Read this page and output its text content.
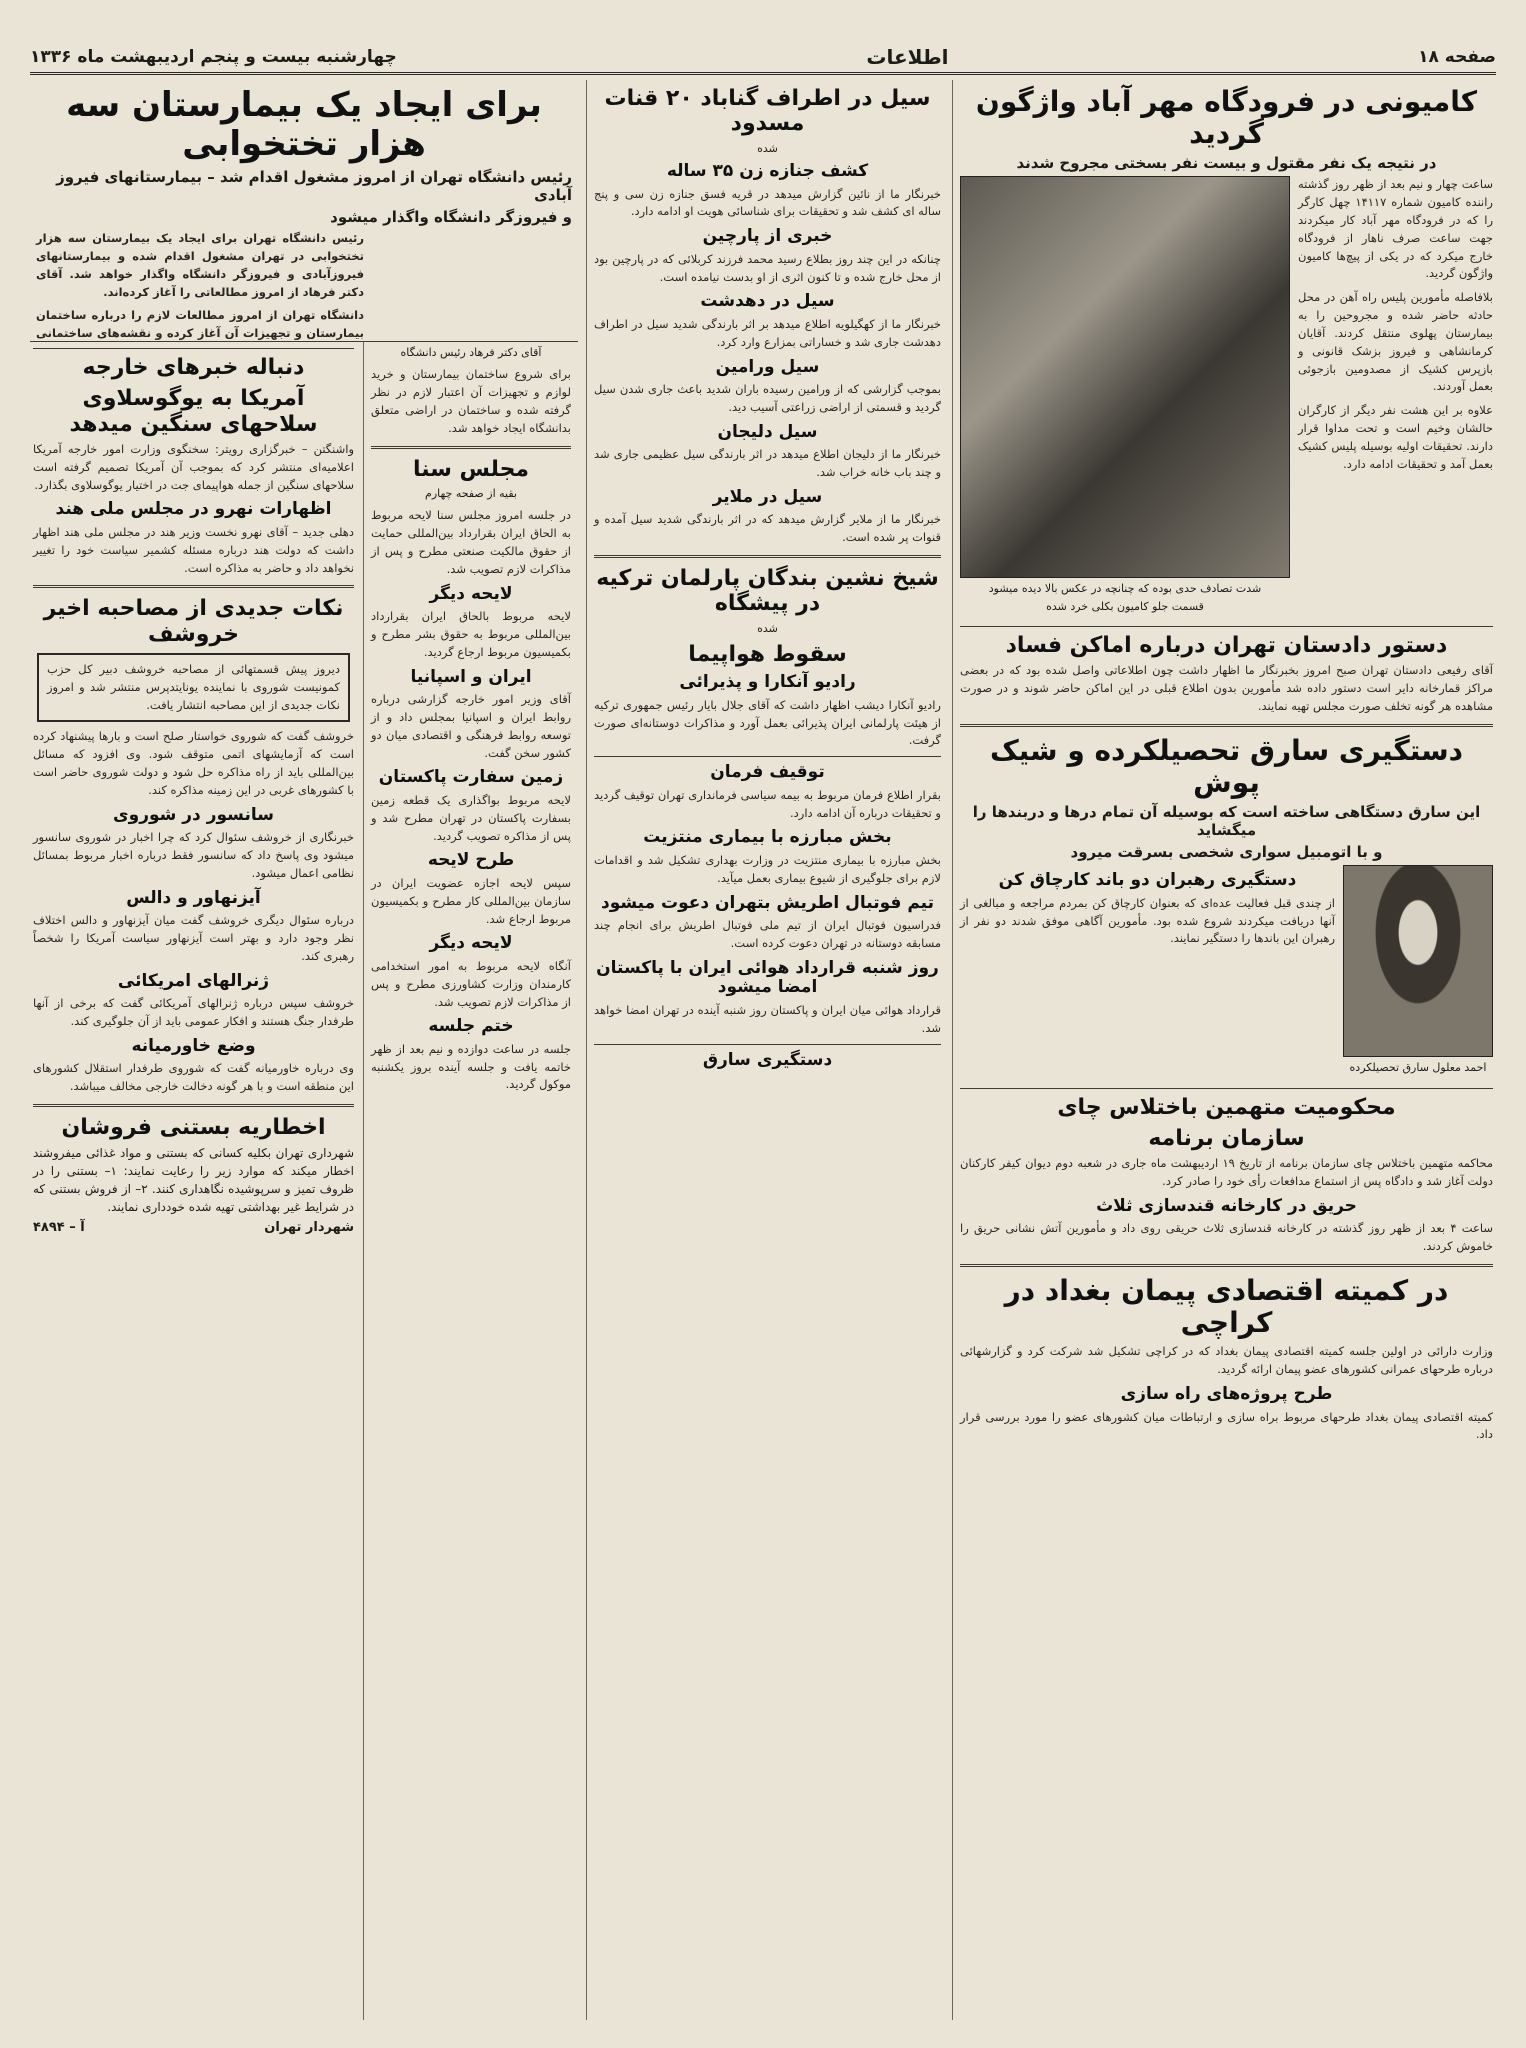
صفحه ۱۸
اطلاعات
چهارشنبه بیست و پنجم اردیبهشت ماه ۱۳۳۶
کامیونی در فرودگاه مهر آباد واژگون گردید
در نتیجه یک نفر مقتول و بیست نفر بسختی مجروح شدند

ساعت چهار و نیم بعد از ظهر روز گذشته راننده کامیون شماره ۱۴۱۱۷ چهل کارگر را که در فرودگاه مهر آباد کار میکردند جهت ساعت صرف ناهار از فرودگاه خارج میکرد که در یکی از پیچ‌ها کامیون واژگون گردید.

بلافاصله مأمورین پلیس راه آهن در محل حادثه حاضر شده و مجروحین را به بیمارستان پهلوی منتقل کردند. آقایان کرمانشاهی و فیروز بزشک قانونی و بازپرس کشیک از مصدومین بازجوئی بعمل آوردند.

علاوه بر این هشت نفر دیگر از کارگران حالشان وخیم است و تحت مداوا قرار دارند. تحقیقات اولیه بوسیله پلیس کشیک بعمل آمد و تحقیقات ادامه دارد.

شدت تصادف حدی بوده که چنانچه در عکس بالا دیده میشود
قسمت جلو کامیون بکلی خرد شده
دستور دادستان تهران درباره اماکن فساد

آقای رفیعی دادستان تهران صبح امروز بخبرنگار ما اظهار داشت چون اطلاعاتی واصل شده بود که در بعضی مراکز قمارخانه دایر است دستور داده شد مأمورین بدون اطلاع قبلی در این اماکن حاضر شوند و در صورت مشاهده هر گونه تخلف صورت مجلس تهیه نمایند.

دستگیری سارق تحصیلکرده و شیک پوش
این سارق دستگاهی ساخته است که بوسیله آن تمام درها و دربندها را میگشاید
و با اتومبیل سواری شخصی بسرقت میرود
احمد معلول سارق تحصیلکرده
دستگیری رهبران دو باند کارچاق کن

از چندی قبل فعالیت عده‌ای که بعنوان کارچاق کن بمردم مراجعه و مبالغی از آنها دریافت میکردند شروع شده بود. مأمورین آگاهی موفق شدند دو نفر از رهبران این باندها را دستگیر نمایند.

محکومیت متهمین باختلاس چای
سازمان برنامه

محاکمه متهمین باختلاس چای سازمان برنامه از تاریخ ۱۹ اردیبهشت ماه جاری در شعبه دوم دیوان کیفر کارکنان دولت آغاز شد و دادگاه پس از استماع مدافعات رأی خود را صادر کرد.

حریق در کارخانه قندسازی ثلاث

ساعت ۴ بعد از ظهر روز گذشته در کارخانه قندسازی ثلاث حریقی روی داد و مأمورین آتش نشانی حریق را خاموش کردند.

در کمیته اقتصادی پیمان بغداد در کراچی

وزارت دارائی در اولین جلسه کمیته اقتصادی پیمان بغداد که در کراچی تشکیل شد شرکت کرد و گزارشهائی درباره طرحهای عمرانی کشورهای عضو پیمان ارائه گردید.

طرح پروژه‌های راه سازی

کمیته اقتصادی پیمان بغداد طرحهای مربوط براه سازی و ارتباطات میان کشورهای عضو را مورد بررسی قرار داد.

سیل در اطراف گناباد ۲۰ قنات مسدود
شده
کشف جنازه زن ۳۵ ساله

خبرنگار ما از نائین گزارش میدهد در قریه فسق جنازه زن سی و پنج ساله ای کشف شد و تحقیقات برای شناسائی هویت او ادامه دارد.

خبری از پارچین

چنانکه در این چند روز بطلاع رسید محمد فرزند کربلائی که در پارچین بود از محل خارج شده و تا کنون اثری از او بدست نیامده است.

سیل در دهدشت

خبرنگار ما از کهگیلویه اطلاع میدهد بر اثر بارندگی شدید سیل در اطراف دهدشت جاری شد و خساراتی بمزارع وارد کرد.

سیل ورامین

بموجب گزارشی که از ورامین رسیده باران شدید باعث جاری شدن سیل گردید و قسمتی از اراضی زراعتی آسیب دید.

سیل دلیجان

خبرنگار ما از دلیجان اطلاع میدهد در اثر بارندگی سیل عظیمی جاری شد و چند باب خانه خراب شد.

سیل در ملایر

خبرنگار ما از ملایر گزارش میدهد که در اثر بارندگی شدید سیل آمده و قنوات پر شده است.

شیخ نشین بندگان پارلمان ترکیه در پیشگاه
شده
سقوط هواپیما
رادیو آنکارا و پذیرائی

رادیو آنکارا دیشب اظهار داشت که آقای جلال بایار رئیس جمهوری ترکیه از هیئت پارلمانی ایران پذیرائی بعمل آورد و مذاکرات دوستانه‌ای صورت گرفت.

توقیف فرمان

بقرار اطلاع فرمان مربوط به بیمه سیاسی فرمانداری تهران توقیف گردید و تحقیقات درباره آن ادامه دارد.

بخش مبارزه با بیماری منتزیت

بخش مبارزه با بیماری منتزیت در وزارت بهداری تشکیل شد و اقدامات لازم برای جلوگیری از شیوع بیماری بعمل میآید.

تیم فوتبال اطریش بتهران دعوت میشود

فدراسیون فوتبال ایران از تیم ملی فوتبال اطریش برای انجام چند مسابقه دوستانه در تهران دعوت کرده است.

روز شنبه قرارداد هوائی ایران با پاکستان امضا میشود

قرارداد هوائی میان ایران و پاکستان روز شنبه آینده در تهران امضا خواهد شد.

دستگیری سارق
آقای دکتر فرهاد رئیس دانشگاه

برای شروع ساختمان بیمارستان و خرید لوازم و تجهیزات آن اعتبار لازم در نظر گرفته شده و ساختمان در اراضی متعلق بدانشگاه ایجاد خواهد شد.

مجلس سنا
بقیه از صفحه چهارم

در جلسه امروز مجلس سنا لایحه مربوط به الحاق ایران بقرارداد بین‌المللی حمایت از حقوق مالکیت صنعتی مطرح و پس از مذاکرات لازم تصویب شد.

لایحه دیگر

لایحه مربوط بالحاق ایران بقرارداد بین‌المللی مربوط به حقوق بشر مطرح و بکمیسیون مربوط ارجاع گردید.

ایران و اسپانیا

آقای وزیر امور خارجه گزارشی درباره روابط ایران و اسپانیا بمجلس داد و از توسعه روابط فرهنگی و اقتصادی میان دو کشور سخن گفت.

زمین سفارت پاکستان

لایحه مربوط بواگذاری یک قطعه زمین بسفارت پاکستان در تهران مطرح شد و پس از مذاکره تصویب گردید.

طرح لایحه

سپس لایحه اجازه عضویت ایران در سازمان بین‌المللی کار مطرح و بکمیسیون مربوط ارجاع شد.

لایحه دیگر

آنگاه لایحه مربوط به امور استخدامی کارمندان وزارت کشاورزی مطرح و پس از مذاکرات لازم تصویب شد.

ختم جلسه

جلسه در ساعت دوازده و نیم بعد از ظهر خاتمه یافت و جلسه آینده بروز یکشنبه موکول گردید.

دنباله خبرهای خارجه
آمریکا به یوگوسلاوی سلاحهای سنگین میدهد

واشنگتن – خبرگزاری رویتر: سخنگوی وزارت امور خارجه آمریکا اعلامیه‌ای منتشر کرد که بموجب آن آمریکا تصمیم گرفته است سلاحهای سنگین از جمله هواپیمای جت در اختیار یوگوسلاوی بگذارد.

اظهارات نهرو در مجلس ملی هند

دهلی جدید – آقای نهرو نخست وزیر هند در مجلس ملی هند اظهار داشت که دولت هند درباره مسئله کشمیر سیاست خود را تغییر نخواهد داد و حاضر به مذاکره است.

نکات جدیدی از مصاحبه اخیر خروشف

دیروز پیش قسمتهائی از مصاحبه خروشف دبیر کل حزب کمونیست شوروی با نماینده یونایتدپرس منتشر شد و امروز نکات جدیدی از این مصاحبه انتشار یافت.

خروشف گفت که شوروی خواستار صلح است و بارها پیشنهاد کرده است که آزمایشهای اتمی متوقف شود. وی افزود که مسائل بین‌المللی باید از راه مذاکره حل شود و دولت شوروی حاضر است با کشورهای غربی در این زمینه مذاکره کند.

سانسور در شوروی

خبرنگاری از خروشف سئوال کرد که چرا اخبار در شوروی سانسور میشود وی پاسخ داد که سانسور فقط درباره اخبار مربوط بمسائل نظامی اعمال میشود.

آیزنهاور و دالس

درباره سئوال دیگری خروشف گفت میان آیزنهاور و دالس اختلاف نظر وجود دارد و بهتر است آیزنهاور سیاست آمریکا را شخصاً رهبری کند.

ژنرالهای امریکائی

خروشف سپس درباره ژنرالهای آمریکائی گفت که برخی از آنها طرفدار جنگ هستند و افکار عمومی باید از آن جلوگیری کند.

وضع خاورمیانه

وی درباره خاورمیانه گفت که شوروی طرفدار استقلال کشورهای این منطقه است و با هر گونه دخالت خارجی مخالف میباشد.

اخطاریه بستنی فروشان

شهرداری تهران بکلیه کسانی که بستنی و مواد غذائی میفروشند اخطار میکند که موارد زیر را رعایت نمایند: ۱– بستنی را در ظروف تمیز و سرپوشیده نگاهداری کنند. ۲– از فروش بستنی که در شرایط غیر بهداشتی تهیه شده خودداری نمایند.

شهردار تهران
آ – ۴۸۹۴
برای ایجاد یک بیمارستان سه هزار تختخوابی
رئیس دانشگاه تهران از امروز مشغول اقدام شد – بیمارستانهای فیروز آبادی
و فیروزگر دانشگاه واگذار میشود

رئیس دانشگاه تهران برای ایجاد یک بیمارستان سه هزار تختخوابی در تهران مشغول اقدام شده و بیمارستانهای فیروزآبادی و فیروزگر دانشگاه واگذار خواهد شد. آقای دکتر فرهاد از امروز مطالعاتی را آغاز کرده‌اند.

دانشگاه تهران از امروز مطالعات لازم را درباره ساختمان بیمارستان و تجهیزات آن آغاز کرده و نقشه‌های ساختمانی
